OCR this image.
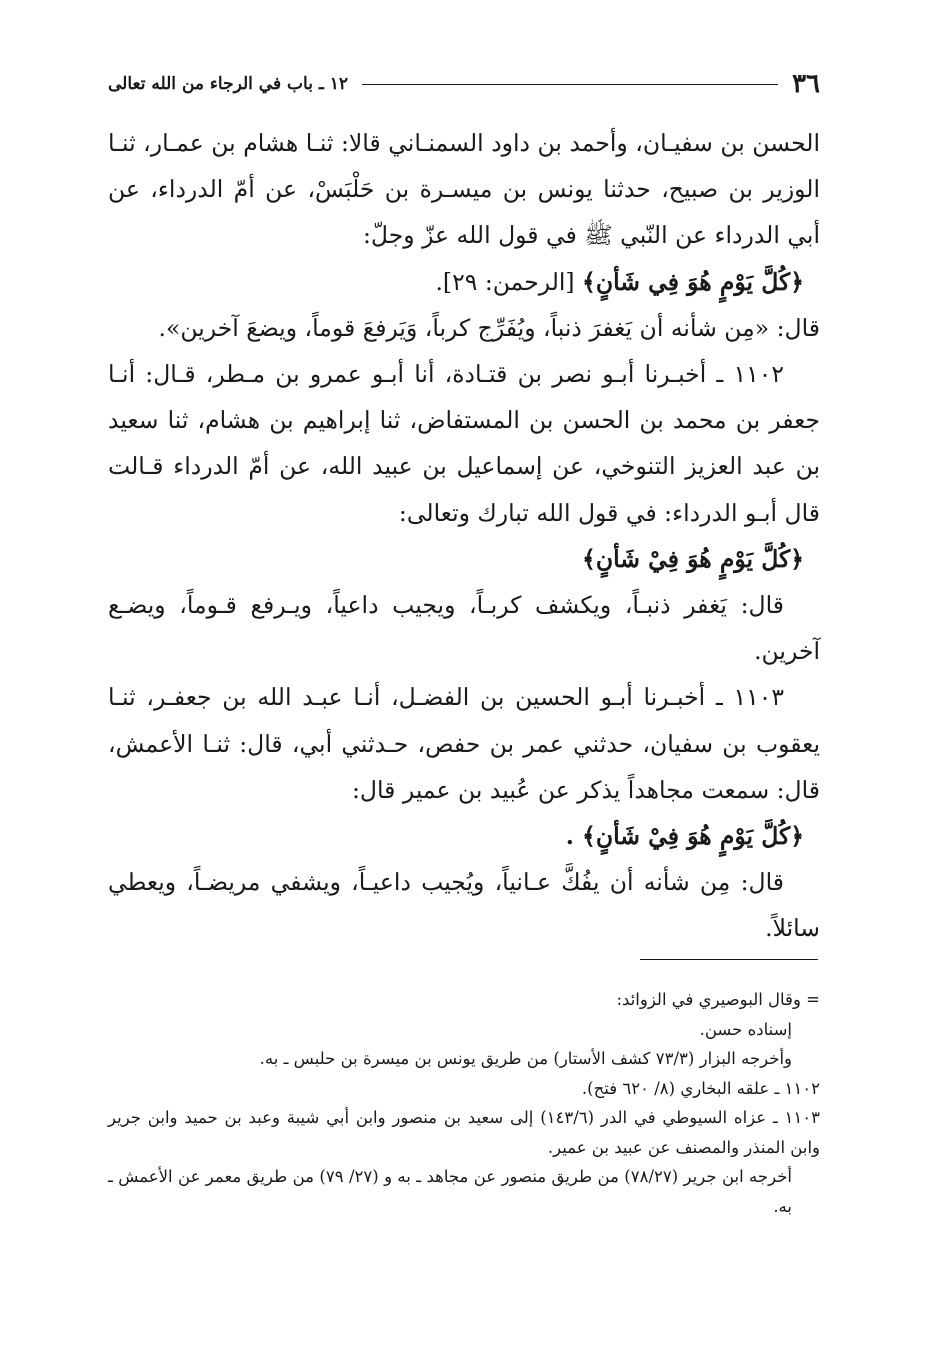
٣٦
١٢ ـ باب في الرجاء من الله تعالى

الحسن بن سفيـان، وأحمد بن داود السمنـاني قالا: ثنـا هشام بن عمـار، ثنـا الوزير بن صبيح، حدثنا يونس بن ميسـرة بن حَلْبَسْ، عن أمّ الدرداء، عن أبي الدرداء عن النّبي ﷺ في قول الله عزّ وجلّ:

﴿كُلَّ يَوْمٍ هُوَ فِي شَأنٍ﴾ [الرحمن: ٢٩].

قال: «مِن شأنه أن يَغفرَ ذنباً، ويُفَرِّج كرباً، وَيَرفعَ قوماً، ويضعَ آخرين».

١١٠٢ ـ أخبـرنا أبـو نصر بن قتـادة، أنا أبـو عمرو بن مـطر، قـال: أنـا جعفر بن محمد بن الحسن بن المستفاض، ثنا إبراهيم بن هشام، ثنا سعيد بن عبد العزيز التنوخي، عن إسماعيل بن عبيد الله، عن أمّ الدرداء قـالت قال أبـو الدرداء: في قول الله تبارك وتعالى:

﴿كُلَّ يَوْمٍ هُوَ فِيْ شَأنٍ﴾

قال: يَغفر ذنبـاً، ويكشف كربـاً، ويجيب داعياً، ويـرفع قـوماً، ويضـع آخرين.

١١٠٣ ـ أخبـرنا أبـو الحسين بن الفضـل، أنـا عبـد الله بن جعفـر، ثنـا يعقوب بن سفيان، حدثني عمر بن حفص، حـدثني أبي، قال: ثنـا الأعمش، قال: سمعت مجاهداً يذكر عن عُبيد بن عمير قال:

﴿كُلَّ يَوْمٍ هُوَ فِيْ شَأنٍ﴾ .

قال: مِن شأنه أن يفُكَّ عـانياً، ويُجيب داعيـاً، ويشفي مريضـاً، ويعطي سائلاً.

= وقال البوصيري في الزوائد:

إسناده حسن.

وأخرجه البزار (٧٣/٣ كشف الأستار) من طريق يونس بن ميسرة بن حلبس ـ به.

١١٠٢ ـ علقه البخاري (٨/ ٦٢٠ فتح).

١١٠٣ ـ عزاه السيوطي في الدر (١٤٣/٦) إلى سعيد بن منصور وابن أبي شيبة وعبد بن حميد وابن جرير وابن المنذر والمصنف عن عبيد بن عمير.

أخرجه ابن جرير (٧٨/٢٧) من طريق منصور عن مجاهد ـ به و (٢٧/ ٧٩) من طريق معمر عن الأعمش ـ به.
